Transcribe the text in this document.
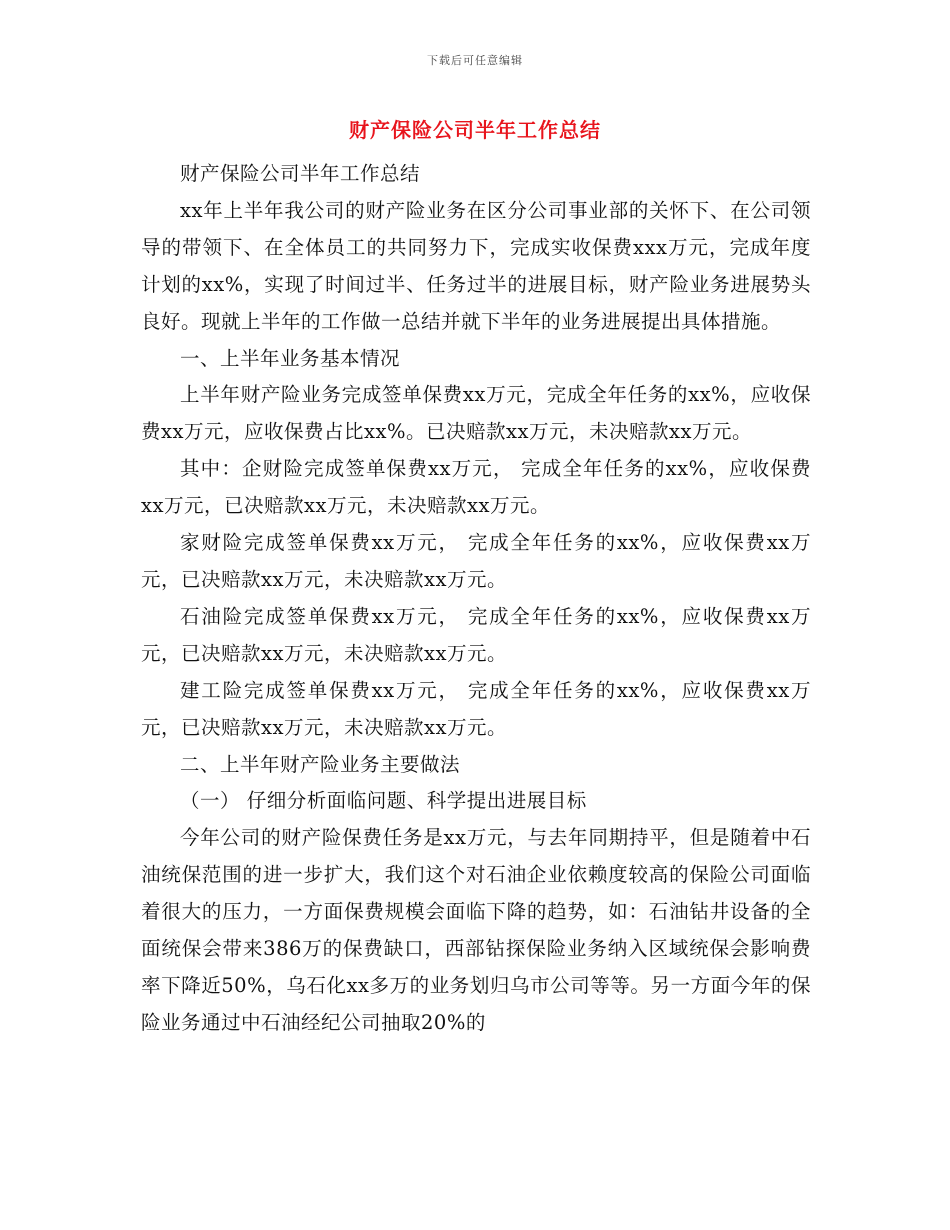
下载后可任意编辑
财产保险公司半年工作总结

财产保险公司半年工作总结

xx年上半年我公司的财产险业务在区分公司事业部的关怀下、在公司领导的带领下、在全体员工的共同努力下，完成实收保费xxx万元，完成年度计划的xx%，实现了时间过半、任务过半的进展目标，财产险业务进展势头良好。现就上半年的工作做一总结并就下半年的业务进展提出具体措施。

一、上半年业务基本情况

上半年财产险业务完成签单保费xx万元，完成全年任务的xx%，应收保费xx万元，应收保费占比xx%。已决赔款xx万元，未决赔款xx万元。

其中：企财险完成签单保费xx万元， 完成全年任务的xx%，应收保费xx万元，已决赔款xx万元，未决赔款xx万元。

家财险完成签单保费xx万元， 完成全年任务的xx%，应收保费xx万元，已决赔款xx万元，未决赔款xx万元。

石油险完成签单保费xx万元， 完成全年任务的xx%，应收保费xx万元，已决赔款xx万元，未决赔款xx万元。

建工险完成签单保费xx万元， 完成全年任务的xx%，应收保费xx万元，已决赔款xx万元，未决赔款xx万元。

二、上半年财产险业务主要做法

（一） 仔细分析面临问题、科学提出进展目标

今年公司的财产险保费任务是xx万元，与去年同期持平，但是随着中石油统保范围的进一步扩大，我们这个对石油企业依赖度较高的保险公司面临着很大的压力，一方面保费规模会面临下降的趋势，如：石油钻井设备的全面统保会带来386万的保费缺口，西部钻探保险业务纳入区域统保会影响费率下降近50%，乌石化xx多万的业务划归乌市公司等等。另一方面今年的保险业务通过中石油经纪公司抽取20%的
